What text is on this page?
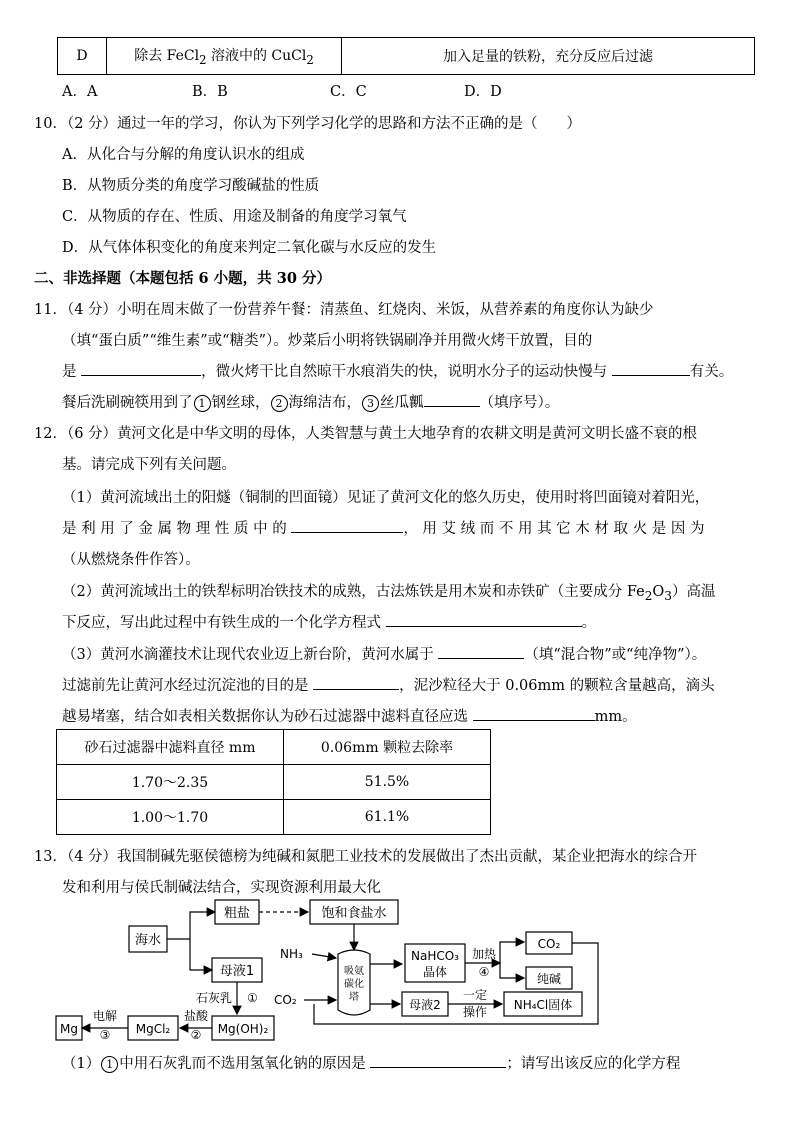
D	除去 FeCl$_2$ 溶液中的 CuCl$_2$	加入足量的铁粉，充分反应后过滤
A．A	B．B	C．C	D．D
10．（2 分）通过一年的学习，你认为下列学习化学的思路和方法不正确的是（　　）
A．从化合与分解的角度认识水的组成
B．从物质分类的角度学习酸碱盐的性质
C．从物质的存在、性质、用途及制备的角度学习氧气
D．从气体体积变化的角度来判定二氧化碳与水反应的发生
二、非选择题（本题包括 6 小题，共 30 分）
11．（4 分）小明在周末做了一份营养午餐：清蒸鱼、红烧肉、米饭，从营养素的角度你认为缺少
（填“蛋白质”“维生素”或“糖类”）。炒菜后小明将铁锅刷净并用微火烤干放置，目的
是	，微火烤干比自然晾干水痕消失的快，说明水分子的运动快慢与	有关。
餐后洗刷碗筷用到了 1 钢丝球， 2 海绵洁布， 3 丝瓜瓤	（填序号）。
12．（6 分）黄河文化是中华文明的母体，人类智慧与黄土大地孕育的农耕文明是黄河文明长盛不衰的根
基。请完成下列有关问题。
（1）黄河流域出土的阳燧（铜制的凹面镜）见证了黄河文化的悠久历史，使用时将凹面镜对着阳光，
是 利 用 了 金 属 物 理 性 质 中 的	， 用 艾 绒 而 不 用 其 它 木 材 取 火 是 因 为
（从燃烧条件作答）。
（2）黄河流域出土的铁犁标明冶铁技术的成熟，古法炼铁是用木炭和赤铁矿（主要成分 $Fe_2O_3$）高温
下反应，写出此过程中有铁生成的一个化学方程式	。
（3）黄河水滴灌技术让现代农业迈上新台阶，黄河水属于	（填“混合物”或“纯净物”）。
过滤前先让黄河水经过沉淀池的目的是	，泥沙粒径大于 0.06mm 的颗粒含量越高，滴头
越易堵塞，结合如表相关数据你认为砂石过滤器中滤料直径应选	mm。
砂石过滤器中滤料直径 mm	0.06mm 颗粒去除率
1.70～2.35	51.5%
1.00～1.70	61.1%
13．（4 分）我国制碱先驱侯德榜为纯碱和氮肥工业技术的发展做出了杰出贡献，某企业把海水的综合开
发和利用与侯氏制碱法结合，实现资源利用最大化
海水
粗盐	饱和食盐水
母液1
NH₃
吸氨
碳化
塔
NaHCO₃
晶体
加热
④
CO₂
纯碱
CO₂	母液2
一定
操作 NH₄Cl固体
石灰乳 ①
Mg(OH)₂
盐酸
②
MgCl₂
电解
③
Mg
（1） 1 中用石灰乳而不选用氢氧化钠的原因是	；请写出该反应的化学方程
